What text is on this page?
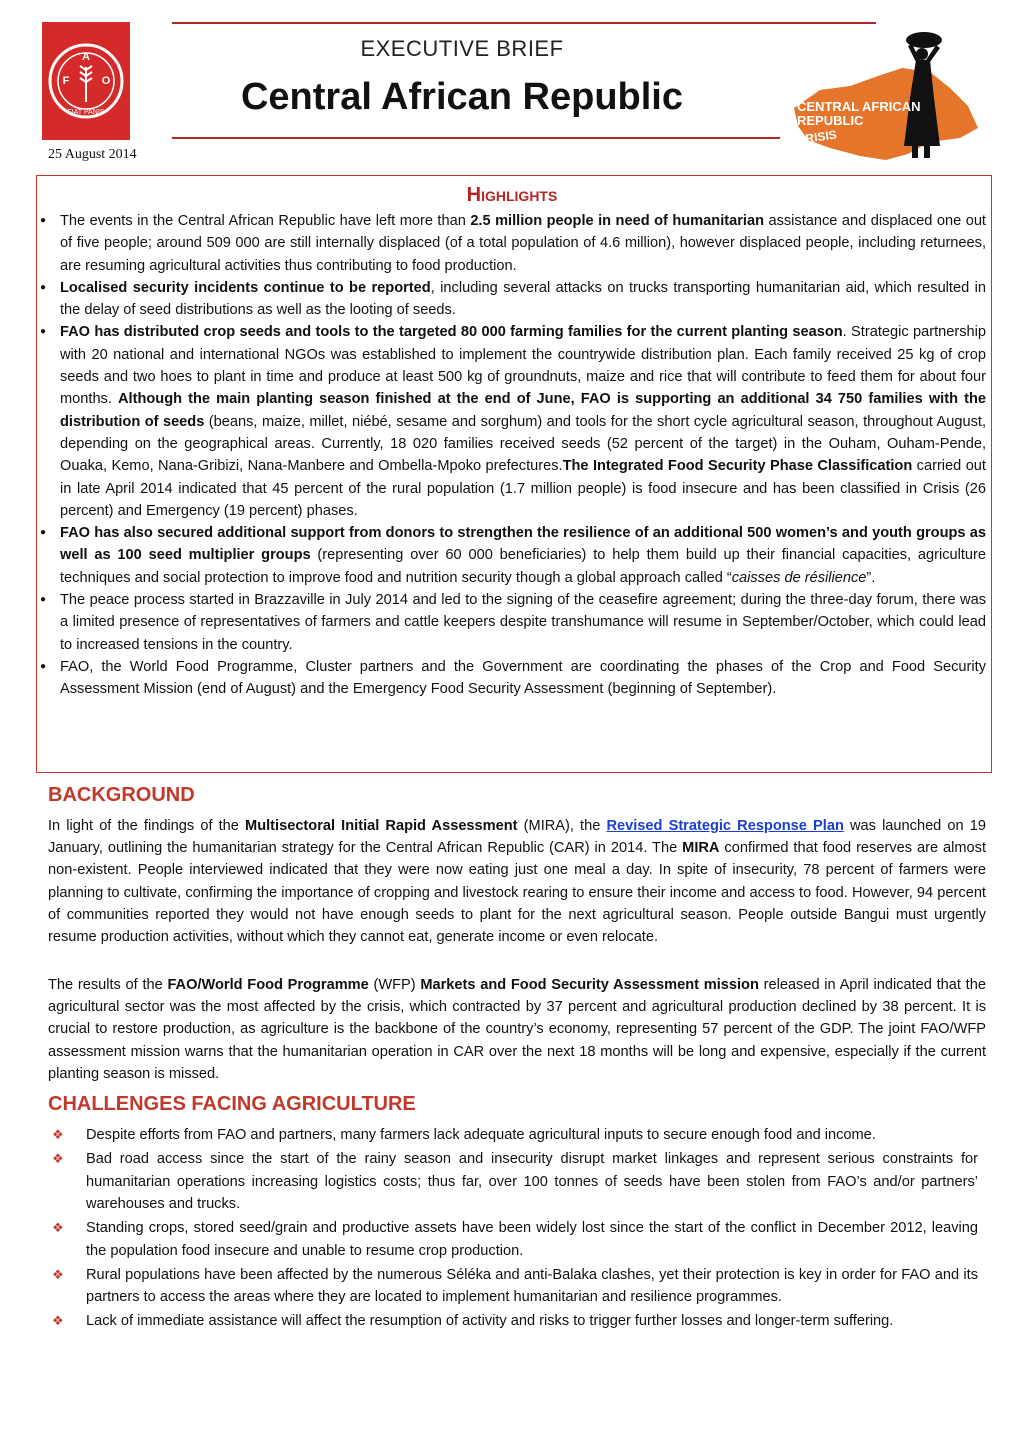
A
F	O
FIAT PANIS
EXECUTIVE BRIEF
Central African Republic
25 August 2014
CENTRAL AFRICAN
REPUBLIC
CRISIS
Highlights
● The events in the Central African Republic have left more than 2.5 million people in need of humanitarian assistance and displaced one out of five people; around 509 000 are still internally displaced (of a total population of 4.6 million), however displaced people, including returnees, are resuming agricultural activities thus contributing to food production.
● Localised security incidents continue to be reported, including several attacks on trucks transporting humanitarian aid, which resulted in the delay of seed distributions as well as the looting of seeds.
● FAO has distributed crop seeds and tools to the targeted 80 000 farming families for the current planting season. Strategic partnership with 20 national and international NGOs was established to implement the countrywide distribution plan. Each family received 25 kg of crop seeds and two hoes to plant in time and produce at least 500 kg of groundnuts, maize and rice that will contribute to feed them for about four months. Although the main planting season finished at the end of June, FAO is supporting an additional 34 750 families with the distribution of seeds (beans, maize, millet, niébé, sesame and sorghum) and tools for the short cycle agricultural season, throughout August, depending on the geographical areas. Currently, 18 020 families received seeds (52 percent of the target) in the Ouham, Ouham-Pende, Ouaka, Kemo, Nana-Gribizi, Nana-Manbere and Ombella-Mpoko prefectures.The Integrated Food Security Phase Classification carried out in late April 2014 indicated that 45 percent of the rural population (1.7 million people) is food insecure and has been classified in Crisis (26 percent) and Emergency (19 percent) phases.
● FAO has also secured additional support from donors to strengthen the resilience of an additional 500 women’s and youth groups as well as 100 seed multiplier groups (representing over 60 000 beneficiaries) to help them build up their financial capacities, agriculture techniques and social protection to improve food and nutrition security though a global approach called “caisses de résilience”.
● The peace process started in Brazzaville in July 2014 and led to the signing of the ceasefire agreement; during the three-day forum, there was a limited presence of representatives of farmers and cattle keepers despite transhumance will resume in September/October, which could lead to increased tensions in the country.
● FAO, the World Food Programme, Cluster partners and the Government are coordinating the phases of the Crop and Food Security Assessment Mission (end of August) and the Emergency Food Security Assessment (beginning of September).
BACKGROUND

In light of the findings of the Multisectoral Initial Rapid Assessment (MIRA), the Revised Strategic Response Plan was launched on 19 January, outlining the humanitarian strategy for the Central African Republic (CAR) in 2014. The MIRA confirmed that food reserves are almost non-existent. People interviewed indicated that they were now eating just one meal a day. In spite of insecurity, 78 percent of farmers were planning to cultivate, confirming the importance of cropping and livestock rearing to ensure their income and access to food. However, 94 percent of communities reported they would not have enough seeds to plant for the next agricultural season. People outside Bangui must urgently resume production activities, without which they cannot eat, generate income or even relocate.

The results of the FAO/World Food Programme (WFP) Markets and Food Security Assessment mission released in April indicated that the agricultural sector was the most affected by the crisis, which contracted by 37 percent and agricultural production declined by 38 percent. It is crucial to restore production, as agriculture is the backbone of the country’s economy, representing 57 percent of the GDP. The joint FAO/WFP assessment mission warns that the humanitarian operation in CAR over the next 18 months will be long and expensive, especially if the current planting season is missed.

CHALLENGES FACING AGRICULTURE
❖ Despite efforts from FAO and partners, many farmers lack adequate agricultural inputs to secure enough food and income.
❖ Bad road access since the start of the rainy season and insecurity disrupt market linkages and represent serious constraints for humanitarian operations increasing logistics costs; thus far, over 100 tonnes of seeds have been stolen from FAO’s and/or partners’ warehouses and trucks.
❖ Standing crops, stored seed/grain and productive assets have been widely lost since the start of the conflict in December 2012, leaving the population food insecure and unable to resume crop production.
❖ Rural populations have been affected by the numerous Séléka and anti-Balaka clashes, yet their protection is key in order for FAO and its partners to access the areas where they are located to implement humanitarian and resilience programmes.
❖ Lack of immediate assistance will affect the resumption of activity and risks to trigger further losses and longer-term suffering.
